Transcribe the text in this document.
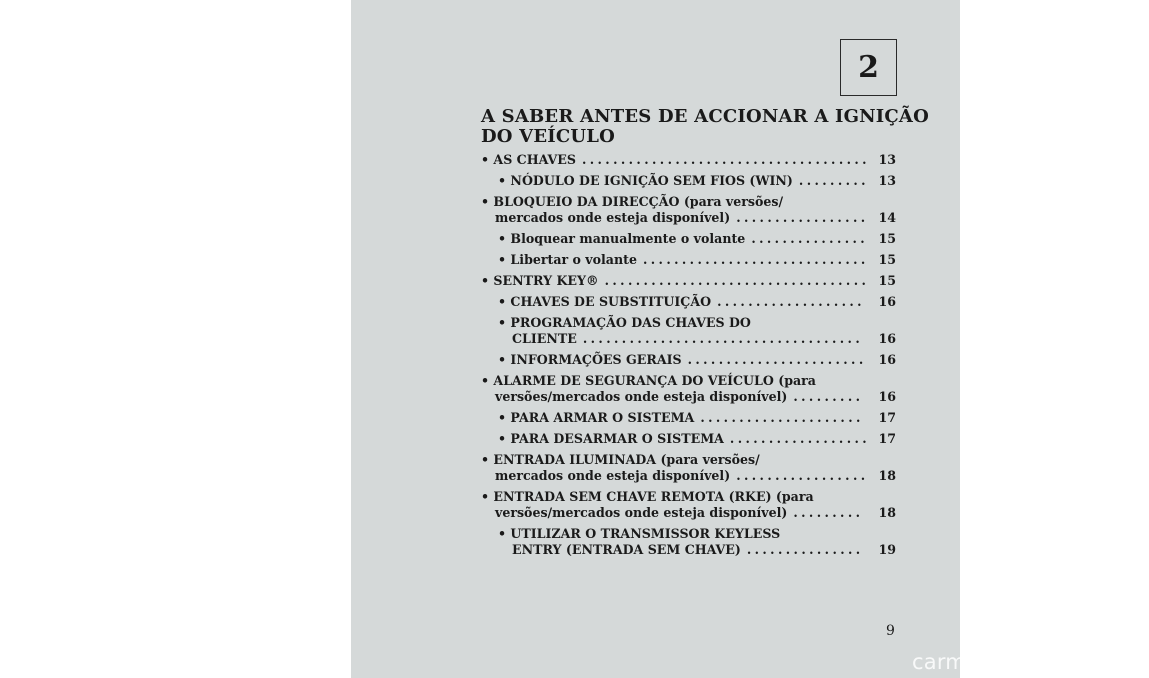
2
A SABER ANTES DE ACCIONAR A IGNIÇÃO
DO VEÍCULO
• AS CHAVES ..................................... 13
• NÓDULO DE IGNIÇÃO SEM FIOS (WIN) ......... 13
• BLOQUEIO DA DIRECÇÃO (para versões/
mercados onde esteja disponível) ................. 14
• Bloquear manualmente o volante ............... 15
• Libertar o volante ............................. 15
• SENTRY KEY® .................................. 15
• CHAVES DE SUBSTITUIÇÃO ................... 16
• PROGRAMAÇÃO DAS CHAVES DO
CLIENTE .................................... 16
• INFORMAÇÕES GERAIS ....................... 16
• ALARME DE SEGURANÇA DO VEÍCULO (para
versões/mercados onde esteja disponível) ......... 16
• PARA ARMAR O SISTEMA ..................... 17
• PARA DESARMAR O SISTEMA .................. 17
• ENTRADA ILUMINADA (para versões/
mercados onde esteja disponível) ................. 18
• ENTRADA SEM CHAVE REMOTA (RKE) (para
versões/mercados onde esteja disponível) ......... 18
• UTILIZAR O TRANSMISSOR KEYLESS
ENTRY (ENTRADA SEM CHAVE) ............... 19
9
carmanualsonline.info
